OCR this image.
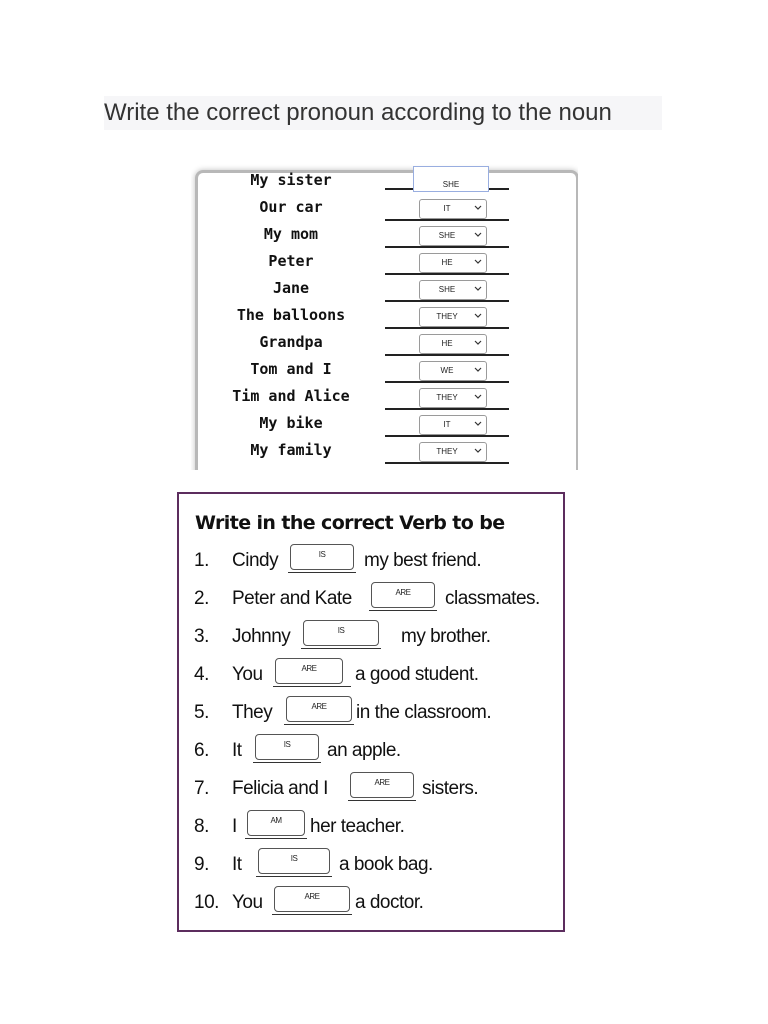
Write the correct pronoun according to the noun
My sister	SHE
Our car	IT
My mom	SHE
Peter	HE
Jane	SHE
The balloons	THEY
Grandpa	HE
Tom and I	WE
Tim and Alice	THEY
My bike	IT
My family	THEY
Write in the correct Verb to be
1. Cindy	IS	my best friend.
2. Peter and Kate	ARE	classmates.
3. Johnny	IS	my brother.
4. You	ARE	a good student.
5. They	ARE	in the classroom.
6. It	IS	an apple.
7. Felicia and I	ARE	sisters.
8. I	AM	her teacher.
9. It	IS	a book bag.
10. You	ARE	a doctor.
